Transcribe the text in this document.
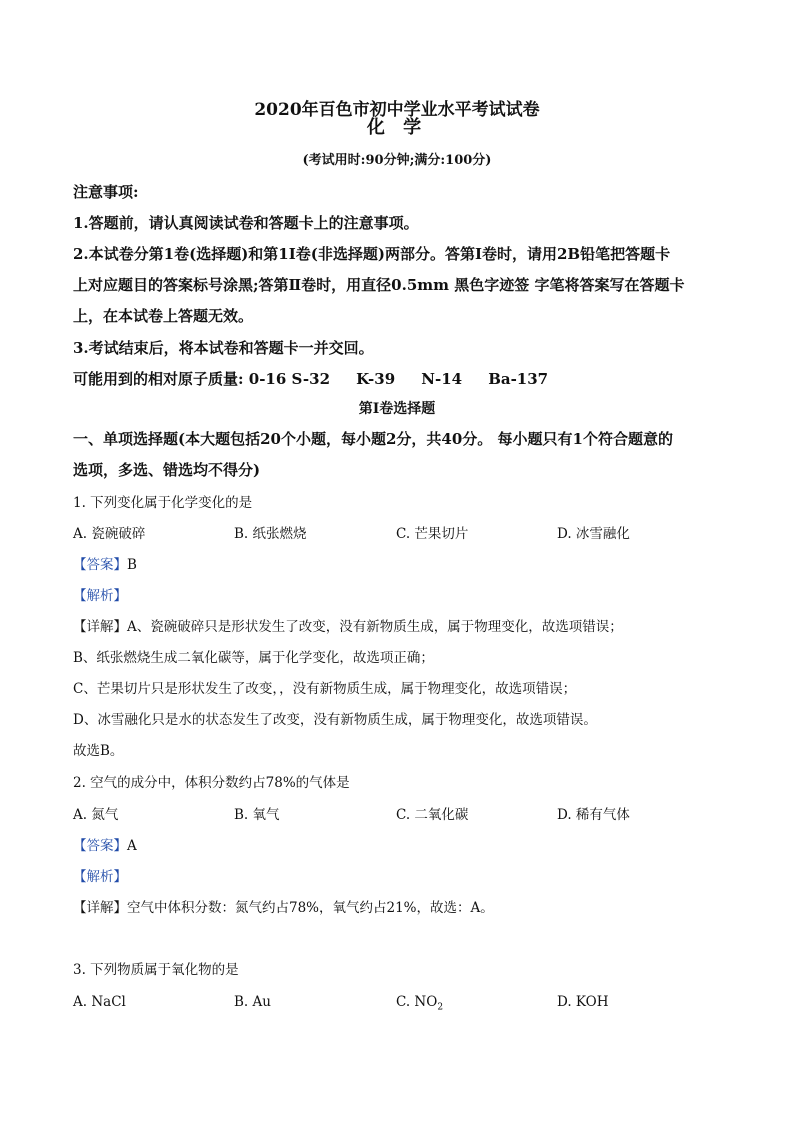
2020年百色市初中学业水平考试试卷
化 学
(考试用时:90分钟;满分:100分)
注意事项:
1.答题前，请认真阅读试卷和答题卡上的注意事项。
2.本试卷分第1卷(选择题)和第1I卷(非选择题)两部分。答第I卷时，请用2B铅笔把答题卡
上对应题目的答案标号涂黑;答第Ⅱ卷时，用直径0.5mm 黑色字迹签 字笔将答案写在答题卡
上，在本试卷上答题无效。
3.考试结束后，将本试卷和答题卡一并交回。
可能用到的相对原子质量: 0-16 S-32     K-39     N-14     Ba-137
第I卷选择题
一、单项选择题(本大题包括20个小题，每小题2分，共40分。 每小题只有1个符合题意的
选项，多选、错选均不得分)
1. 下列变化属于化学变化的是
A. 瓷碗破碎	B. 纸张燃烧	C. 芒果切片	D. 冰雪融化
【答案】B
【解析】
【详解】A、瓷碗破碎只是形状发生了改变，没有新物质生成，属于物理变化，故选项错误；
B、纸张燃烧生成二氧化碳等，属于化学变化，故选项正确；
C、芒果切片只是形状发生了改变，，没有新物质生成，属于物理变化，故选项错误；
D、冰雪融化只是水的状态发生了改变，没有新物质生成，属于物理变化，故选项错误。
故选B。
2. 空气的成分中，体积分数约占78%的气体是
A. 氮气	B. 氧气	C. 二氧化碳	D. 稀有气体
【答案】A
【解析】
【详解】空气中体积分数：氮气约占78%，氧气约占21%，故选：A。
3. 下列物质属于氧化物的是
A. NaCl	B. Au	C. $NO_2$	D. KOH
